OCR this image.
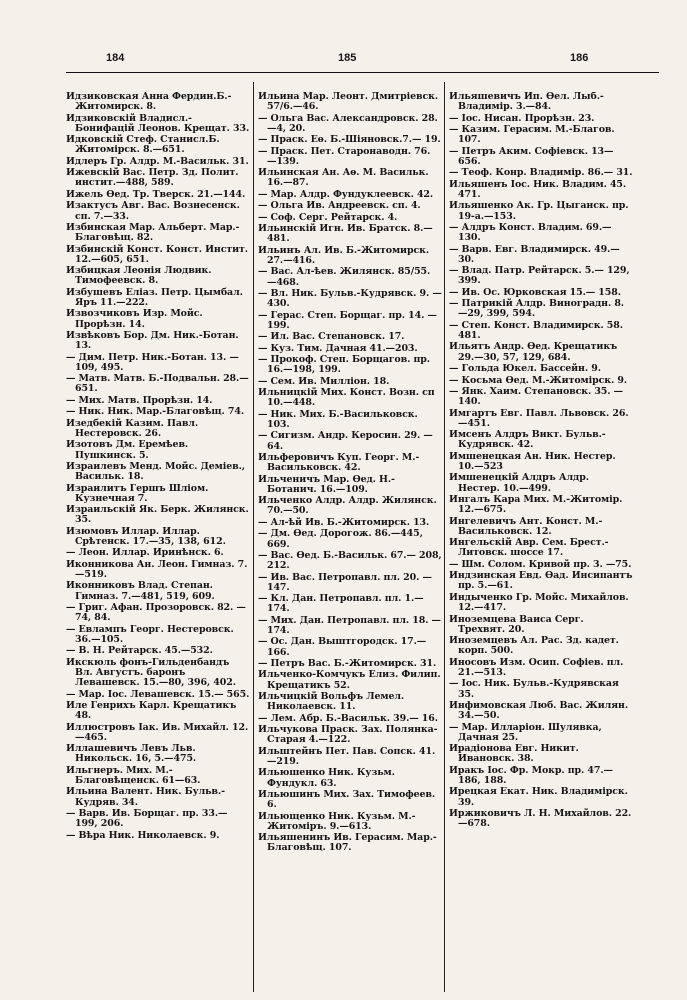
184	185	186
Идзиковская Анна Фердин.Б.-Житомирск. 8.
Идзиковскій Владисл.-Бонифацій Леонов. Крещат. 33.
Идковскій Стеф. Станисл.Б. Житомірск. 8.—651.
Идлеръ Гр. Алдр. М.-Васильк. 31.
Ижевскій Вас. Петр. Зд. Полит. инстит.—488, 589.
Ижель Өед. Тр. Тверск. 21.—144.
Изактусъ Авг. Вас. Вознесенск. сп. 7.—33.
Избинская Мар. Альберт. Мар.-Благовѣщ. 82.
Избинскій Конст. Конст. Инстит. 12.—605, 651.
Избицкая Леонія Людвик. Тимофеевск. 8.
Избушевъ Еліаз. Петр. Цымбал. Яръ 11.—222.
Извозчиковъ Изр. Мойс. Прорѣзн. 14.
Извѣковъ Бор. Дм. Ник.-Ботан. 13.
— Дим. Петр. Ник.-Ботан. 13. —109, 495.
— Матв. Матв. Б.-Подвальн. 28.—651.
— Мих. Матв. Прорѣзн. 14.
— Ник. Ник. Мар.-Благовѣщ. 74.
Изедбекій Казим. Павл. Нестеровск. 26.
Изотовъ Дм. Еремѣев. Пушкинск. 5.
Израилевъ Менд. Мойс. Деміев., Васильк. 18.
Израилитъ Гершъ Шліом. Кузнечная 7.
Израильскій Як. Берк. Жилянск. 35.
Изюмовъ Иллар. Иллар. Срѣтенск. 17.—35, 138, 612.
— Леон. Иллар. Иринѣнск. 6.
Иконникова Ан. Леон. Гимназ. 7. —519.
Иконниковъ Влад. Степан. Гимназ. 7.—481, 519, 609.
— Григ. Афан. Прозоровск. 82. —74, 84.
— Евлампъ Георг. Нестеровск. 36.—105.
— В. Н. Рейтарск. 45.—532.
Икскюль фонъ-Гильденбандъ Вл. Августъ. баронъ Левашевск. 15.—80, 396, 402.
— Мар. Іос. Левашевск. 15.— 565.
Иле Генрихъ Карл. Крещатикъ 48.
Иллюстровъ Іак. Ив. Михайл. 12. —465.
Иллашевичъ Левъ Льв. Никольск. 16, 5.—475.
Ильгнеръ. Мих. М.-Благовѣщенск. 61—63.
Ильина Валент. Ник. Бульв.-Кудряв. 34.
— Варв. Ив. Борщаг. пр. 33.— 199, 206.
— Вѣра Ник. Николаевск. 9.
Ильина Мар. Леонт. Дмитріевск. 57/6.—46.
— Ольга Вас. Александровск. 28.—4, 20.
— Праск. Еѳ. Б.-Шіяновск.7.— 19.
— Праск. Пет. Старонаводн. 76. —139.
Ильинская Ан. Аѳ. М. Васильк. 16.—87.
— Мар. Алдр. Фундуклеевск. 42.
— Ольга Ив. Андреевск. сп. 4.
— Соф. Серг. Рейтарск. 4.
Ильинскій Игн. Ив. Братск. 8.— 481.
Ильинъ Ал. Ив. Б.-Житомирск. 27.—416.
— Вас. Ал-ѣев. Жилянск. 85/55. —468.
— Вл. Ник. Бульв.-Кудрявск. 9. —430.
— Герас. Степ. Борщаг. пр. 14. —199.
— Ил. Вас. Степановск. 17.
— Куз. Тим. Дачная 41.—203.
— Прокоф. Степ. Борщагов. пр. 16.—198, 199.
— Сем. Ив. Милліон. 18.
Ильницкій Мих. Конст. Возн. сп 10.—448.
— Ник. Мих. Б.-Васильковск. 103.
— Сигизм. Андр. Керосин. 29. —64.
Ильферовичъ Куп. Георг. М.-Васильковск. 42.
Ильченичъ Мар. Өед. Н.-Ботанич. 16.—109.
Ильченко Алдр. Алдр. Жилянск. 70.—50.
— Ал-ѣй Ив. Б.-Житомирск. 13.
— Дм. Өед. Дорогож. 86.—445, 669.
— Вас. Өед. Б.-Васильк. 67.— 208, 212.
— Ив. Вас. Петропавл. пл. 20. —147.
— Кл. Дан. Петропавл. пл. 1.— 174.
— Мих. Дан. Петропавл. пл. 18. —174.
— Ос. Дан. Выштгородск. 17.— 166.
— Петръ Вас. Б.-Житомирск. 31.
Ильченко-Комчукъ Елиз. Филип. Крещатикъ 52.
Ильчицкій Вольфъ Лемел. Николаевск. 11.
— Лем. Абр. Б.-Васильк. 39.— 16.
Ильчукова Праск. Зах. Полянка-Старая 4.—122.
Ильштейнъ Пет. Пав. Сопск. 41. —219.
Ильюшенко Ник. Кузьм. Фундукл. 63.
Ильюшинъ Мих. Зах. Тимофеев. 6.
Ильющенко Ник. Кузьм. М.-Житоміръ. 9.—613.
Ильяшенинъ Ив. Герасим. Мар.-Благовѣщ. 107.
Ильяшевичъ Ип. Өел. Лыб.-Владимір. 3.—84.
— Іос. Нисан. Прорѣзн. 23.
— Казим. Герасим. М.-Благов. 107.
— Петръ Аким. Софіевск. 13— 656.
— Теоф. Конр. Владимір. 86.— 31.
Ильяшенъ Іос. Ник. Владим. 45. 471.
Ильяшенко Ак. Гр. Цыганск. пр. 19-а.—153.
— Алдръ Конст. Владим. 69.— 130.
— Варв. Евг. Владимирск. 49.— 30.
— Влад. Патр. Рейтарск. 5.— 129, 399.
— Ив. Ос. Юрковская 15.— 158.
— Патрикій Алдр. Виноградн. 8.—29, 399, 594.
— Степ. Конст. Владимирск. 58. 481.
Ильятъ Андр. Өед. Крещатикъ 29.—30, 57, 129, 684.
— Гольда Юкел. Бассейн. 9.
— Косьма Өед. М.-Житомірск. 9.
— Янк. Хаим. Степановск. 35. —140.
Имгартъ Евг. Павл. Львовск. 26. —451.
Имсенъ Алдръ Викт. Бульв.-Кудрявск. 42.
Имшенецкая Ан. Ник. Нестер. 10.—523
Имшенецкій Алдръ Алдр. Нестер. 10.—499.
Ингалъ Кара Мих. М.-Житомір. 12.—675.
Ингелевичъ Ант. Конст. М.-Васильковск. 12.
Ингельскій Авр. Сем. Брест.-Литовск. шоссе 17.
— Шм. Солом. Кривой пр. 3. —75.
Индзинская Евд. Өад. Инсипантъ пр. 5.—61.
Индыченко Гр. Мойс. Михайлов. 12.—417.
Иноземцева Ваиса Серг. Трехвят. 20.
Иноземцевъ Ал. Рас. Зд. кадет. корп. 500.
Иносовъ Изм. Осип. Софіев. пл. 21.—513.
— Іос. Ник. Бульв.-Кудрявская 35.
Инфимовская Люб. Вас. Жилян. 34.—50.
— Мар. Илларіон. Шулявка, Дачная 25.
Ирадіонова Евг. Никит. Ивановск. 38.
Иракъ Іос. Фр. Мокр. пр. 47.— 186, 188.
Ирецкая Екат. Ник. Владимірск. 39.
Иржиковичъ Л. Н. Михайлов. 22. —678.
